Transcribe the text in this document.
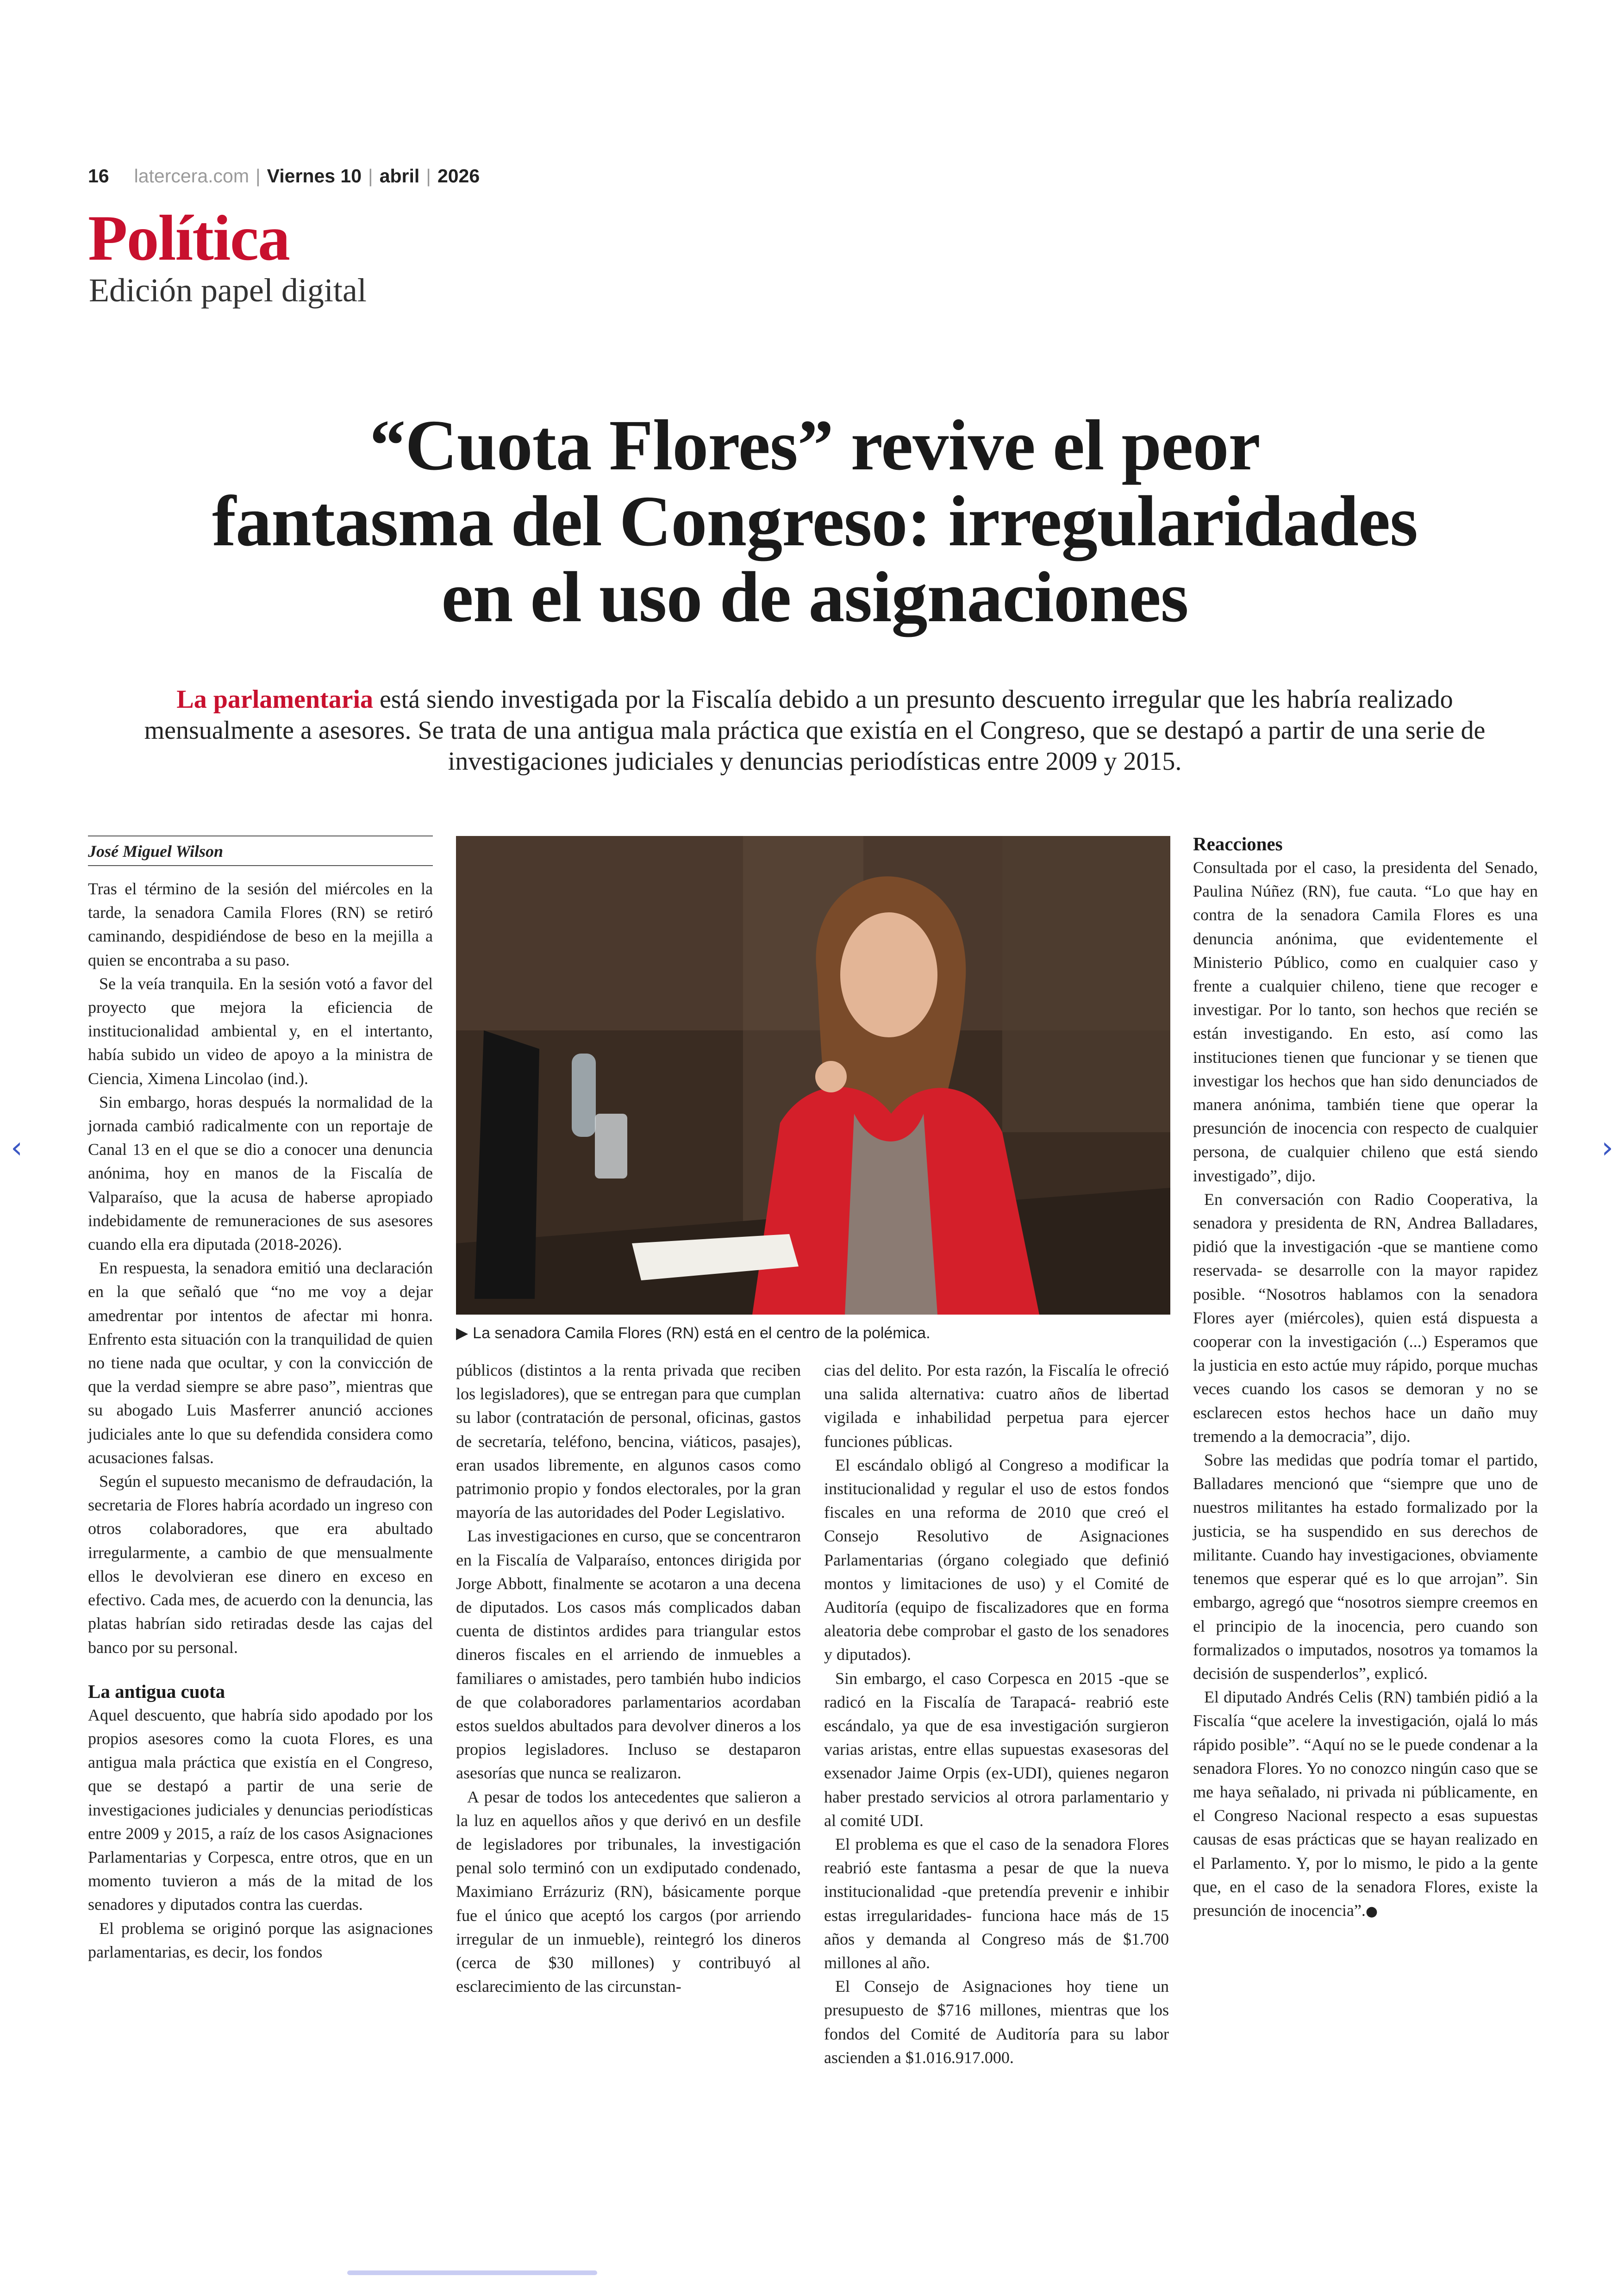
‹	›
16 latercera.com | Viernes 10 | abril | 2026
Política
Edición papel digital
“Cuota Flores” revive el peor
fantasma del Congreso: irregularidades
en el uso de asignaciones
La parlamentaria está siendo investigada por la Fiscalía debido a un presunto descuento irregular que les habría realizado mensualmente a asesores. Se trata de una antigua mala práctica que existía en el Congreso, que se destapó a partir de una serie de investigaciones judiciales y denuncias periodísticas entre 2009 y 2015.
José Miguel Wilson

Tras el término de la sesión del miércoles en la tarde, la senadora Camila Flores (RN) se retiró caminando, despidiéndose de beso en la mejilla a quien se encontraba a su paso.

Se la veía tranquila. En la sesión votó a favor del proyecto que mejora la eficiencia de institucionalidad ambiental y, en el intertanto, había subido un video de apoyo a la ministra de Ciencia, Ximena Lincolao (ind.).

Sin embargo, horas después la normalidad de la jornada cambió radicalmente con un reportaje de Canal 13 en el que se dio a conocer una denuncia anónima, hoy en manos de la Fiscalía de Valparaíso, que la acusa de haberse apropiado indebidamente de remuneraciones de sus asesores cuando ella era diputada (2018-2026).

En respuesta, la senadora emitió una declaración en la que señaló que “no me voy a dejar amedrentar por intentos de afectar mi honra. Enfrento esta situación con la tranquilidad de quien no tiene nada que ocultar, y con la convicción de que la verdad siempre se abre paso”, mientras que su abogado Luis Masferrer anunció acciones judiciales ante lo que su defendida considera como acusaciones falsas.

Según el supuesto mecanismo de defraudación, la secretaria de Flores habría acordado un ingreso con otros colaboradores, que era abultado irregularmente, a cambio de que mensualmente ellos le devolvieran ese dinero en exceso en efectivo. Cada mes, de acuerdo con la denuncia, las platas habrían sido retiradas desde las cajas del banco por su personal.

La antigua cuota

Aquel descuento, que habría sido apodado por los propios asesores como la cuota Flores, es una antigua mala práctica que existía en el Congreso, que se destapó a partir de una serie de investigaciones judiciales y denuncias periodísticas entre 2009 y 2015, a raíz de los casos Asignaciones Parlamentarias y Corpesca, entre otros, que en un momento tuvieron a más de la mitad de los senadores y diputados contra las cuerdas.

El problema se originó porque las asignaciones parlamentarias, es decir, los fondos

▶ La senadora Camila Flores (RN) está en el centro de la polémica.

públicos (distintos a la renta privada que reciben los legisladores), que se entregan para que cumplan su labor (contratación de personal, oficinas, gastos de secretaría, teléfono, bencina, viáticos, pasajes), eran usados libremente, en algunos casos como patrimonio propio y fondos electorales, por la gran mayoría de las autoridades del Poder Legislativo.

Las investigaciones en curso, que se concentraron en la Fiscalía de Valparaíso, entonces dirigida por Jorge Abbott, finalmente se acotaron a una decena de diputados. Los casos más complicados daban cuenta de distintos ardides para triangular estos dineros fiscales en el arriendo de inmuebles a familiares o amistades, pero también hubo indicios de que colaboradores parlamentarios acordaban estos sueldos abultados para devolver dineros a los propios legisladores. Incluso se destaparon asesorías que nunca se realizaron.

A pesar de todos los antecedentes que salieron a la luz en aquellos años y que derivó en un desfile de legisladores por tribunales, la investigación penal solo terminó con un exdiputado condenado, Maximiano Errázuriz (RN), básicamente porque fue el único que aceptó los cargos (por arriendo irregular de un inmueble), reintegró los dineros (cerca de $30 millones) y contribuyó al esclarecimiento de las circunstan-

cias del delito. Por esta razón, la Fiscalía le ofreció una salida alternativa: cuatro años de libertad vigilada e inhabilidad perpetua para ejercer funciones públicas.

El escándalo obligó al Congreso a modificar la institucionalidad y regular el uso de estos fondos fiscales en una reforma de 2010 que creó el Consejo Resolutivo de Asignaciones Parlamentarias (órgano colegiado que definió montos y limitaciones de uso) y el Comité de Auditoría (equipo de fiscalizadores que en forma aleatoria debe comprobar el gasto de los senadores y diputados).

Sin embargo, el caso Corpesca en 2015 -que se radicó en la Fiscalía de Tarapacá- reabrió este escándalo, ya que de esa investigación surgieron varias aristas, entre ellas supuestas exasesoras del exsenador Jaime Orpis (ex-UDI), quienes negaron haber prestado servicios al otrora parlamentario y al comité UDI.

El problema es que el caso de la senadora Flores reabrió este fantasma a pesar de que la nueva institucionalidad -que pretendía prevenir e inhibir estas irregularidades- funciona hace más de 15 años y demanda al Congreso más de $1.700 millones al año.

El Consejo de Asignaciones hoy tiene un presupuesto de $716 millones, mientras que los fondos del Comité de Auditoría para su labor ascienden a $1.016.917.000.

Reacciones

Consultada por el caso, la presidenta del Senado, Paulina Núñez (RN), fue cauta. “Lo que hay en contra de la senadora Camila Flores es una denuncia anónima, que evidentemente el Ministerio Público, como en cualquier caso y frente a cualquier chileno, tiene que recoger e investigar. Por lo tanto, son hechos que recién se están investigando. En esto, así como las instituciones tienen que funcionar y se tienen que investigar los hechos que han sido denunciados de manera anónima, también tiene que operar la presunción de inocencia con respecto de cualquier persona, de cualquier chileno que está siendo investigado”, dijo.

En conversación con Radio Cooperativa, la senadora y presidenta de RN, Andrea Balladares, pidió que la investigación -que se mantiene como reservada- se desarrolle con la mayor rapidez posible. “Nosotros hablamos con la senadora Flores ayer (miércoles), quien está dispuesta a cooperar con la investigación (...) Esperamos que la justicia en esto actúe muy rápido, porque muchas veces cuando los casos se demoran y no se esclarecen estos hechos hace un daño muy tremendo a la democracia”, dijo.

Sobre las medidas que podría tomar el partido, Balladares mencionó que “siempre que uno de nuestros militantes ha estado formalizado por la justicia, se ha suspendido en sus derechos de militante. Cuando hay investigaciones, obviamente tenemos que esperar qué es lo que arrojan”. Sin embargo, agregó que “nosotros siempre creemos en el principio de la inocencia, pero cuando son formalizados o imputados, nosotros ya tomamos la decisión de suspenderlos”, explicó.

El diputado Andrés Celis (RN) también pidió a la Fiscalía “que acelere la investigación, ojalá lo más rápido posible”. “Aquí no se le puede condenar a la senadora Flores. Yo no conozco ningún caso que se me haya señalado, ni privada ni públicamente, en el Congreso Nacional respecto a esas supuestas causas de esas prácticas que se hayan realizado en el Parlamento. Y, por lo mismo, le pido a la gente que, en el caso de la senadora Flores, existe la presunción de inocencia”.●
